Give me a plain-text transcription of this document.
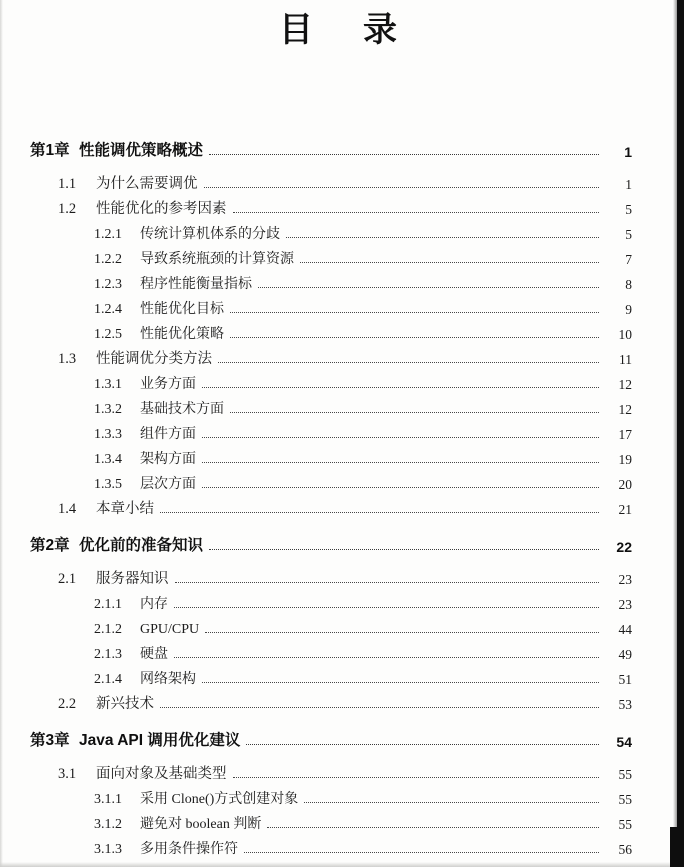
目　录
第1章 性能调优策略概述	1
1.1	为什么需要调优	1
1.2	性能优化的参考因素	5
1.2.1	传统计算机体系的分歧	5
1.2.2	导致系统瓶颈的计算资源	7
1.2.3	程序性能衡量指标	8
1.2.4	性能优化目标	9
1.2.5	性能优化策略	10
1.3	性能调优分类方法	11
1.3.1	业务方面	12
1.3.2	基础技术方面	12
1.3.3	组件方面	17
1.3.4	架构方面	19
1.3.5	层次方面	20
1.4	本章小结	21
第2章 优化前的准备知识	22
2.1	服务器知识	23
2.1.1	内存	23
2.1.2	GPU/CPU	44
2.1.3	硬盘	49
2.1.4	网络架构	51
2.2	新兴技术	53
第3章 Java API 调用优化建议	54
3.1	面向对象及基础类型	55
3.1.1	采用 Clone()方式创建对象	55
3.1.2	避免对 boolean 判断	55
3.1.3	多用条件操作符	56
